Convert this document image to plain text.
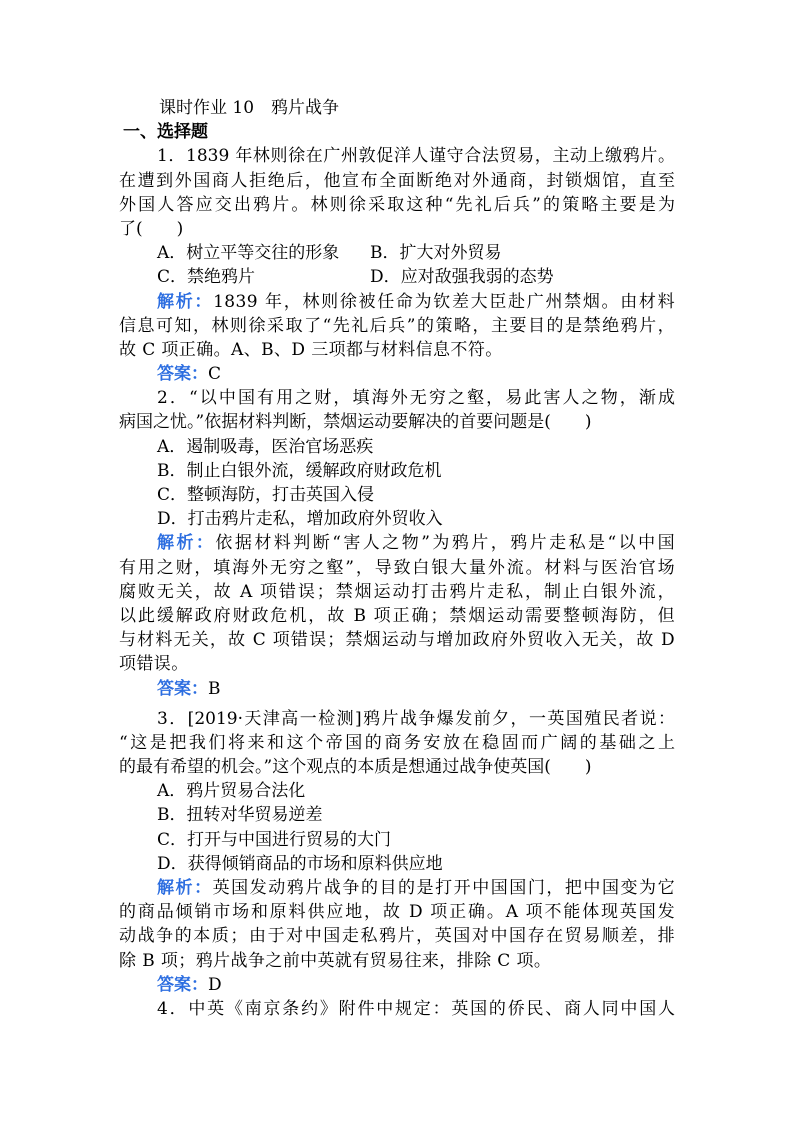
课时作业 10　鸦片战争
一、选择题
1．1839 年林则徐在广州敦促洋人谨守合法贸易，主动上缴鸦片。
在遭到外国商人拒绝后，他宣布全面断绝对外通商，封锁烟馆，直至
外国人答应交出鸦片。林则徐采取这种“先礼后兵”的策略主要是为
了(　　)
A．树立平等交往的形象	B．扩大对外贸易
C．禁绝鸦片	D．应对敌强我弱的态势
解析：1839 年，林则徐被任命为钦差大臣赴广州禁烟。由材料
信息可知，林则徐采取了“先礼后兵”的策略，主要目的是禁绝鸦片，
故 C 项正确。A、B、D 三项都与材料信息不符。
答案：C
2．“以中国有用之财，填海外无穷之壑，易此害人之物，渐成
病国之忧。”依据材料判断，禁烟运动要解决的首要问题是(　　)
A．遏制吸毒，医治官场恶疾
B．制止白银外流，缓解政府财政危机
C．整顿海防，打击英国入侵
D．打击鸦片走私，增加政府外贸收入
解析：依据材料判断“害人之物”为鸦片，鸦片走私是“以中国
有用之财，填海外无穷之壑”，导致白银大量外流。材料与医治官场
腐败无关，故 A 项错误；禁烟运动打击鸦片走私，制止白银外流，
以此缓解政府财政危机，故 B 项正确；禁烟运动需要整顿海防，但
与材料无关，故 C 项错误；禁烟运动与增加政府外贸收入无关，故 D
项错误。
答案：B
3．[2019·天津高一检测]鸦片战争爆发前夕，一英国殖民者说：
“这是把我们将来和这个帝国的商务安放在稳固而广阔的基础之上
的最有希望的机会。”这个观点的本质是想通过战争使英国(　　)
A．鸦片贸易合法化
B．扭转对华贸易逆差
C．打开与中国进行贸易的大门
D．获得倾销商品的市场和原料供应地
解析：英国发动鸦片战争的目的是打开中国国门，把中国变为它
的商品倾销市场和原料供应地，故 D 项正确。A 项不能体现英国发
动战争的本质；由于对中国走私鸦片，英国对中国存在贸易顺差，排
除 B 项；鸦片战争之前中英就有贸易往来，排除 C 项。
答案：D
4．中英《南京条约》附件中规定：英国的侨民、商人同中国人
